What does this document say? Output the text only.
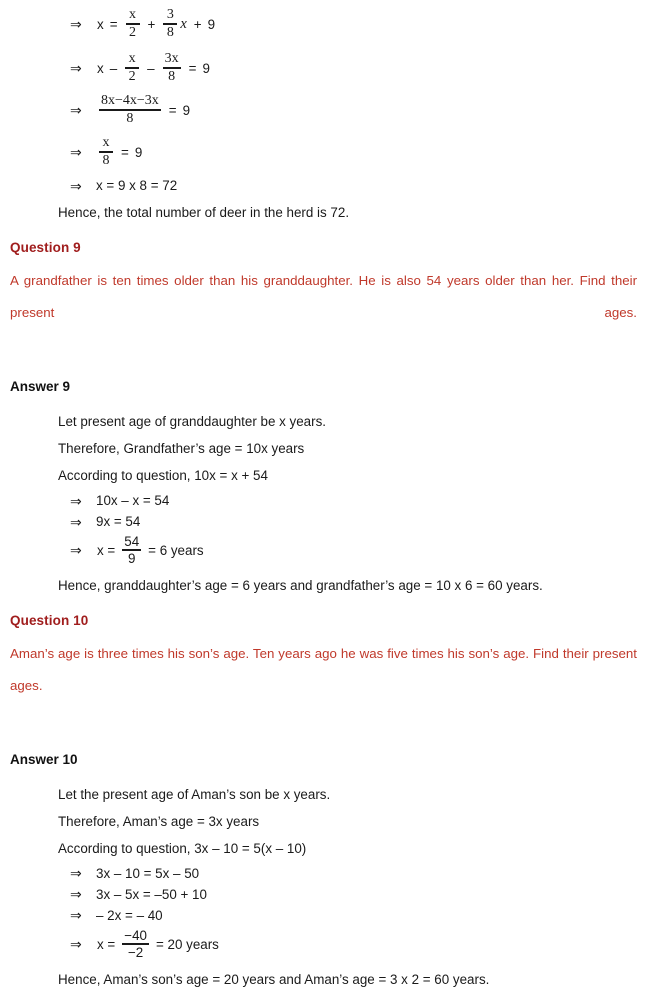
⇒	$x = \frac{x}{2} + \frac{3}{8}$ x + 9
⇒	$x - \frac{x}{2} - \frac{3x}{8} = 9$
⇒	$\frac{8x-4x-3x}{8} = 9$
⇒	$\frac{x}{8} = 9$
⇒	x = 9 x 8 = 72
Hence, the total number of deer in the herd is 72.
Question 9
A grandfather is ten times older than his granddaughter. He is also 54 years older than her. Find their present ages.
Answer 9
Let present age of granddaughter be x years.
Therefore, Grandfather’s age = 10x years
According to question, 10x = x + 54
⇒	10x – x = 54
⇒	9x = 54
⇒	$x = \frac{54}{9} = 6$ years
Hence, granddaughter’s age = 6 years and grandfather’s age = 10 x 6 = 60 years.
Question 10
Aman’s age is three times his son’s age. Ten years ago he was five times his son’s age. Find their present ages.
Answer 10
Let the present age of Aman’s son be x years.
Therefore, Aman’s age = 3x years
According to question, 3x – 10 = 5(x – 10)
⇒	3x – 10 = 5x – 50
⇒	3x – 5x = –50 + 10
⇒	– 2x = – 40
⇒	$x = \frac{-40}{-2} = 20$ years
Hence, Aman’s son’s age = 20 years and Aman’s age = 3 x 2 = 60 years.
